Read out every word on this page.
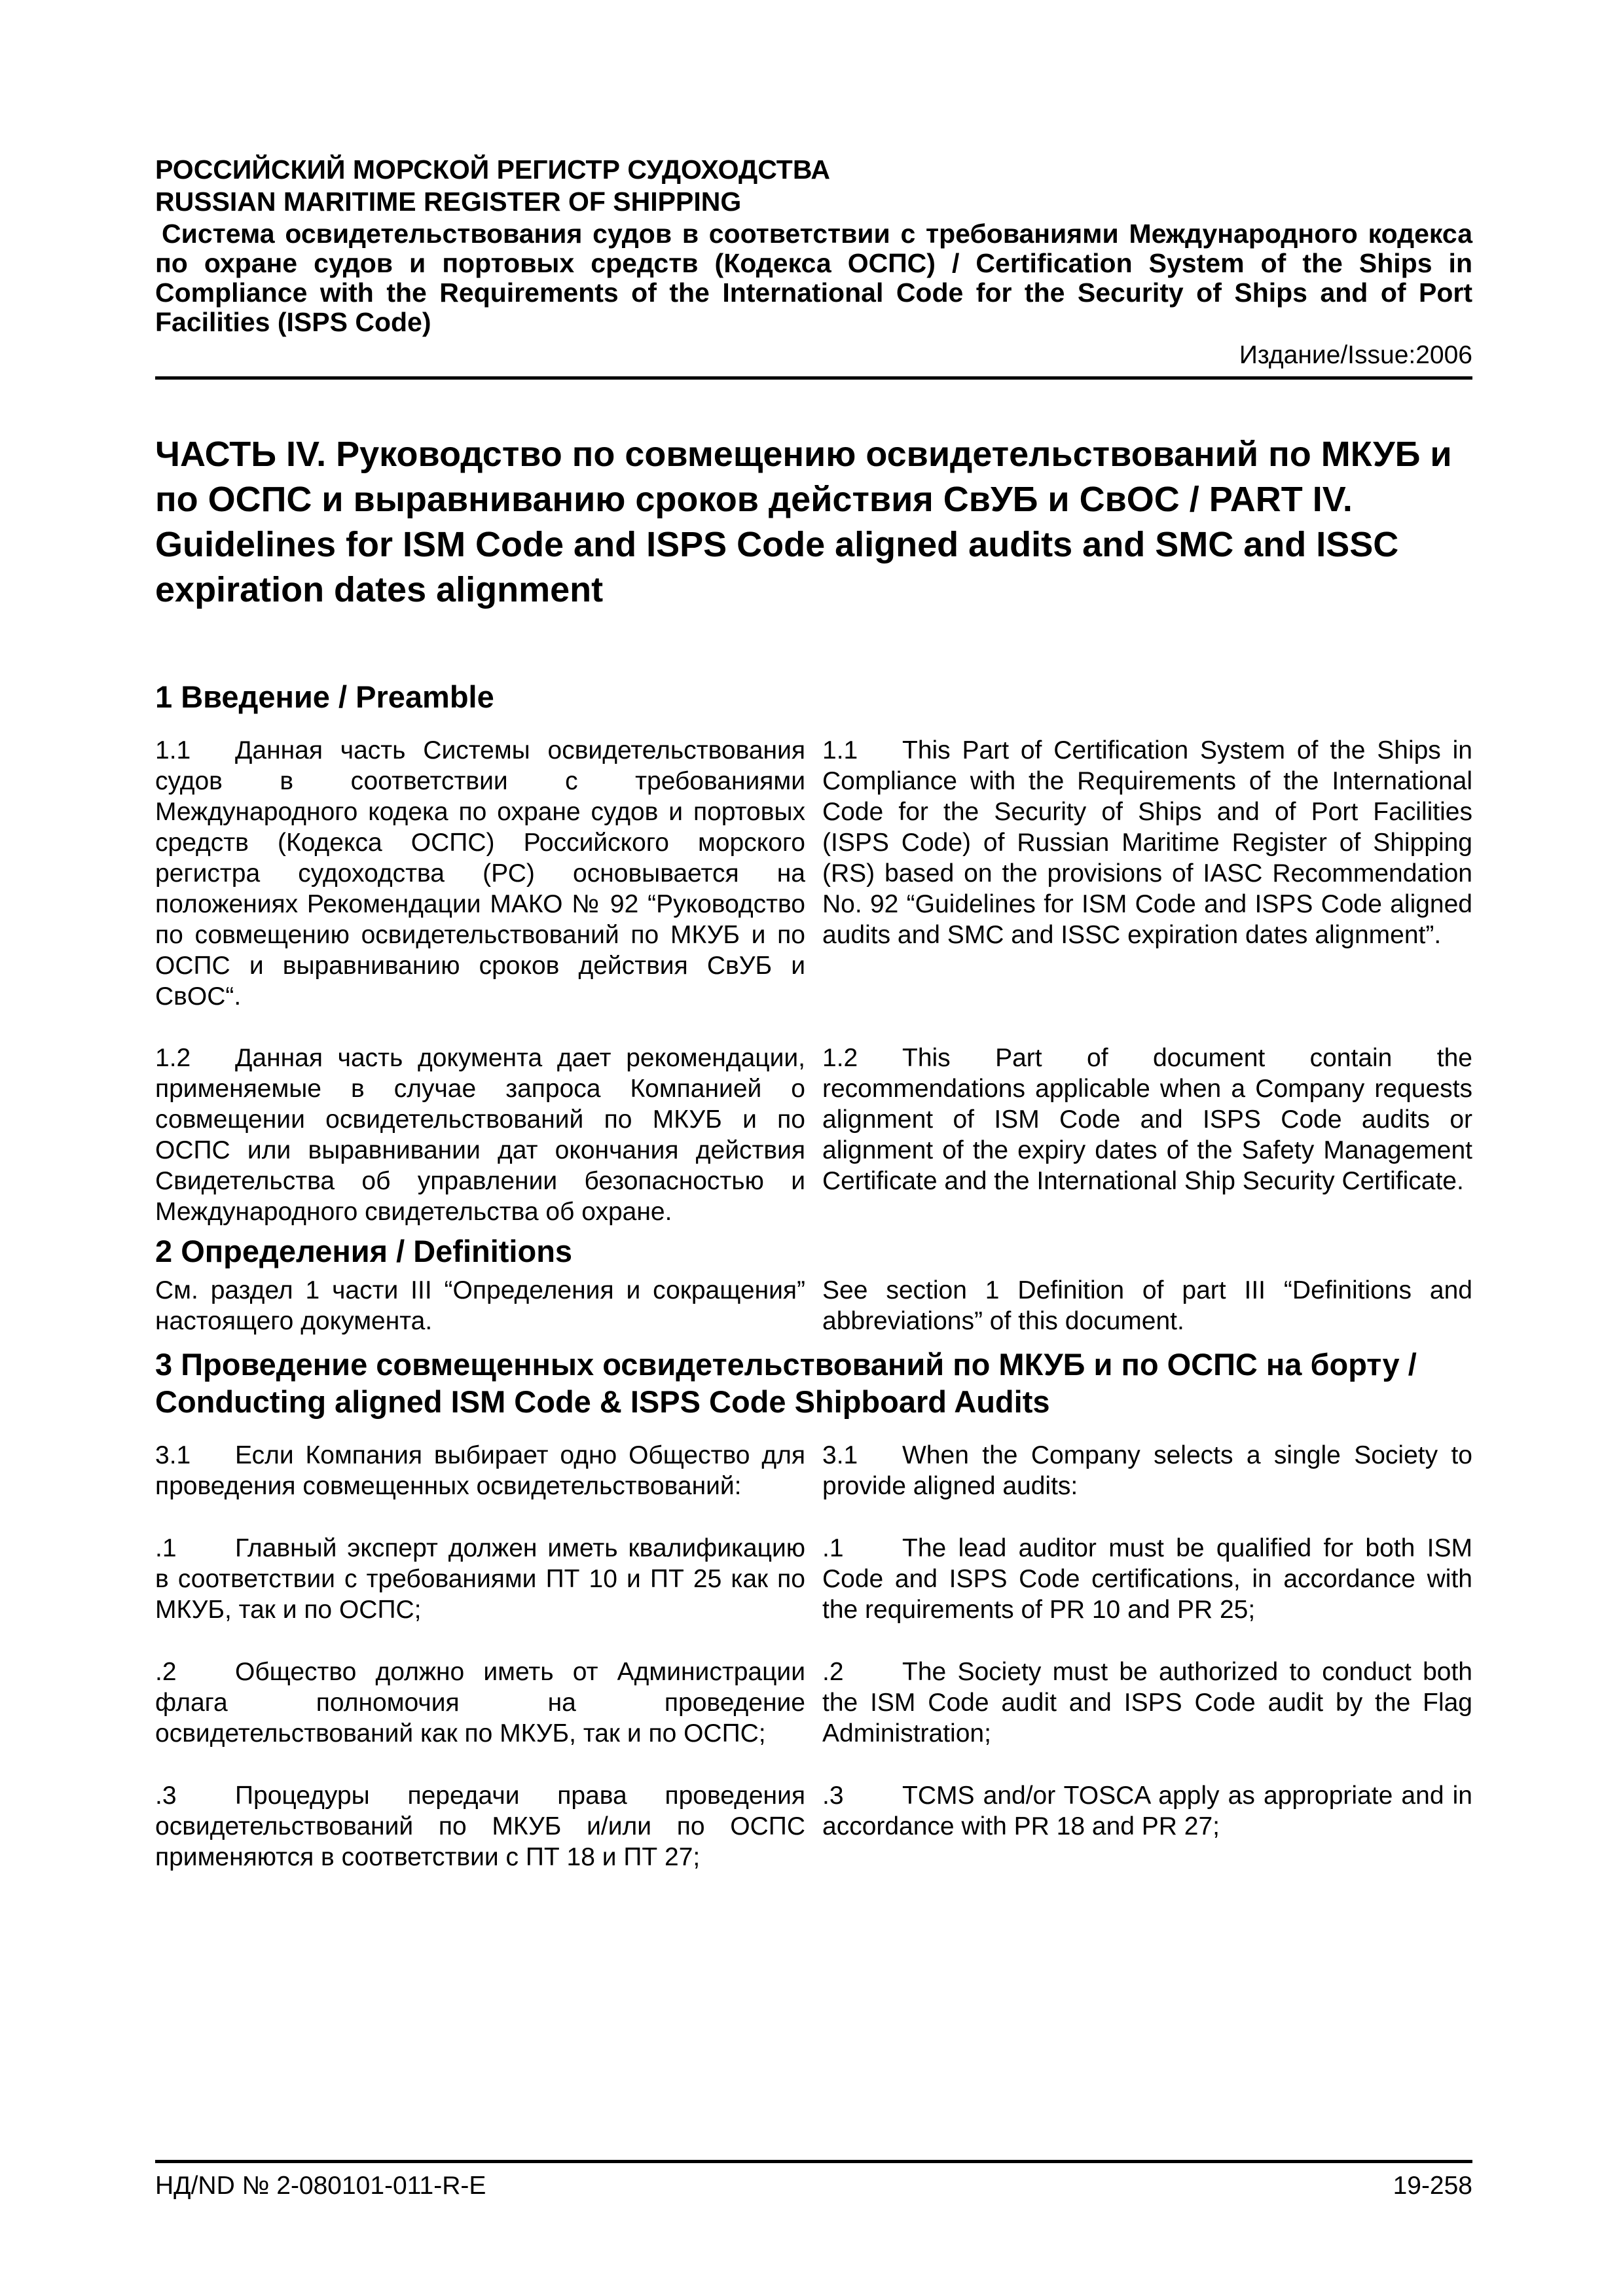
РОССИЙСКИЙ МОРСКОЙ РЕГИСТР СУДОХОДСТВА
RUSSIAN MARITIME REGISTER OF SHIPPING
Система освидетельствования судов в соответствии с требованиями Международного кодекса по охране судов и портовых средств (Кодекса ОСПС) / Certification System of the Ships in Compliance with the Requirements of the International Code for the Security of Ships and of Port Facilities (ISPS Code)
Издание/Issue:2006
ЧАСТЬ IV. Руководство по совмещению освидетельствований по МКУБ и по ОСПС и выравниванию сроков действия СвУБ и СвОС / PART IV. Guidelines for ISM Code and ISPS Code aligned audits and SMC and ISSC expiration dates alignment
1 Введение / Preamble
1.1 Данная часть Системы освидетельствования судов в соответствии с требованиями Международного кодека по охране судов и портовых средств (Кодекса ОСПС) Российского морского регистра судоходства (РС) основывается на положениях Рекомендации МАКО № 92 “Руководство по совмещению освидетельствований по МКУБ и по ОСПС и выравниванию сроков действия СвУБ и СвОС“.
1.1 This Part of Certification System of the Ships in Compliance with the Requirements of the International Code for the Security of Ships and of Port Facilities (ISPS Code) of Russian Maritime Register of Shipping (RS) based on the provisions of IASC Recommendation No. 92 “Guidelines for ISM Code and ISPS Code aligned audits and SMC and ISSC expiration dates alignment”.
1.2 Данная часть документа дает рекомендации, применяемые в случае запроса Компанией о совмещении освидетельствований по МКУБ и по ОСПС или выравнивании дат окончания действия Свидетельства об управлении безопасностью и Международного свидетельства об охране.
1.2 This Part of document contain the recommendations applicable when a Company requests alignment of ISM Code and ISPS Code audits or alignment of the expiry dates of the Safety Management Certificate and the International Ship Security Certificate.
2 Определения / Definitions
См. раздел 1 части III “Определения и сокращения” настоящего документа.
See section 1 Definition of part III “Definitions and abbreviations” of this document.
3 Проведение совмещенных освидетельствований по МКУБ и по ОСПС на борту /
Conducting aligned ISM Code & ISPS Code Shipboard Audits
3.1 Если Компания выбирает одно Общество для проведения совмещенных освидетельствований:
3.1 When the Company selects a single Society to provide aligned audits:
.1 Главный эксперт должен иметь квалификацию в соответствии с требованиями ПТ 10 и ПТ 25 как по МКУБ, так и по ОСПС;
.1 The lead auditor must be qualified for both ISM Code and ISPS Code certifications, in accordance with the requirements of PR 10 and PR 25;
.2 Общество должно иметь от Администрации флага полномочия на проведение освидетельствований как по МКУБ, так и по ОСПС;
.2 The Society must be authorized to conduct both the ISM Code audit and ISPS Code audit by the Flag Administration;
.3 Процедуры передачи права проведения освидетельствований по МКУБ и/или по ОСПС применяются в соответствии с ПТ 18 и ПТ 27;
.3 TCMS and/or TOSCA apply as appropriate and in accordance with PR 18 and PR 27;
НД/ND № 2-080101-011-R-E	19-258
